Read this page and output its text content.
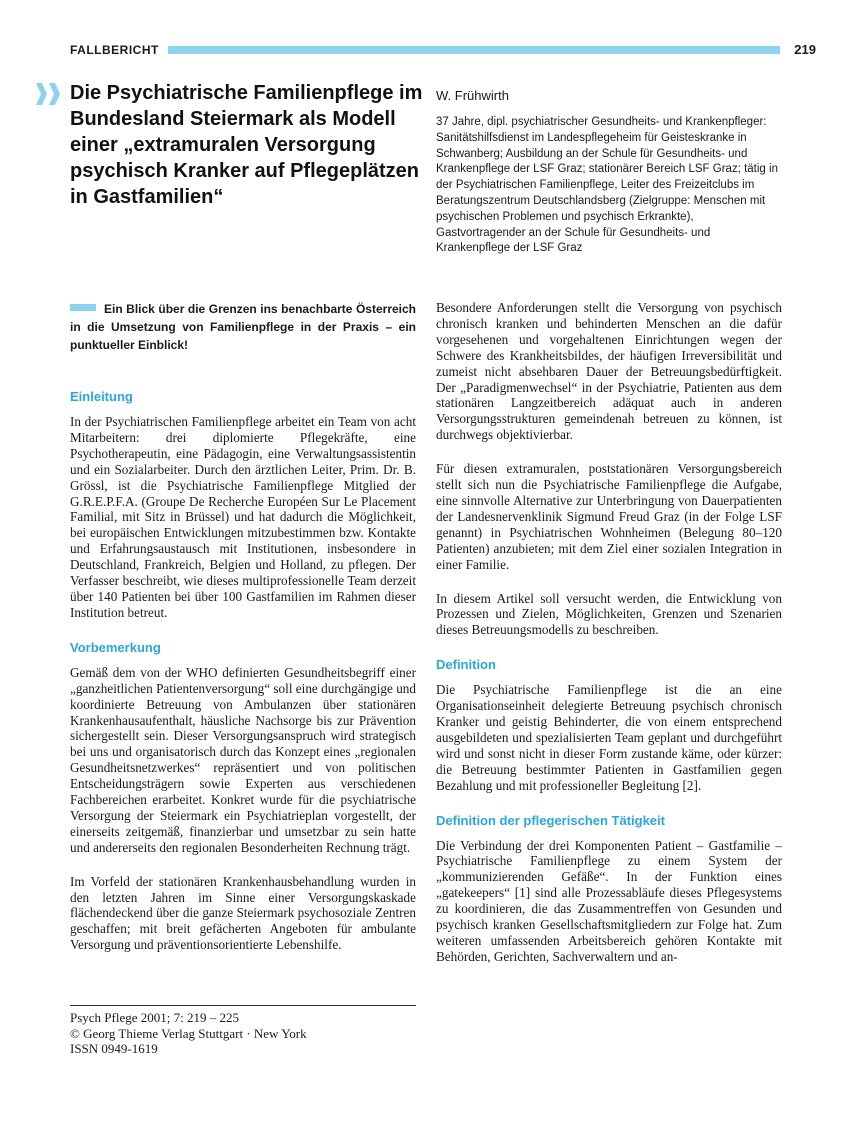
FALLBERICHT	219
Die Psychiatrische Familienpflege im Bundesland Steiermark als Modell einer „extramuralen Versorgung psychisch Kranker auf Pflegeplätzen in Gastfamilien“
W. Frühwirth
37 Jahre, dipl. psychiatrischer Gesundheits- und Krankenpfleger: Sanitätshilfsdienst im Landespflegeheim für Geisteskranke in Schwanberg; Ausbildung an der Schule für Gesundheits- und Krankenpflege der LSF Graz; stationärer Bereich LSF Graz; tätig in der Psychiatrischen Familienpflege, Leiter des Freizeitclubs im Beratungszentrum Deutschlandsberg (Zielgruppe: Menschen mit psychischen Problemen und psychisch Erkrankte), Gastvortragender an der Schule für Gesundheits- und Krankenpflege der LSF Graz

Ein Blick über die Grenzen ins benachbarte Österreich in die Umsetzung von Familienpflege in der Praxis – ein punktueller Einblick!

Einleitung

In der Psychiatrischen Familienpflege arbeitet ein Team von acht Mitarbeitern: drei diplomierte Pflegekräfte, eine Psychotherapeutin, eine Pädagogin, eine Verwaltungsassistentin und ein Sozialarbeiter. Durch den ärztlichen Leiter, Prim. Dr. B. Grössl, ist die Psychiatrische Familienpflege Mitglied der G.R.E.P.F.A. (Groupe De Recherche Européen Sur Le Placement Familial, mit Sitz in Brüssel) und hat dadurch die Möglichkeit, bei europäischen Entwicklungen mitzubestimmen bzw. Kontakte und Erfahrungsaustausch mit Institutionen, insbesondere in Deutschland, Frankreich, Belgien und Holland, zu pflegen. Der Verfasser beschreibt, wie dieses multiprofessionelle Team derzeit über 140 Patienten bei über 100 Gastfamilien im Rahmen dieser Institution betreut.

Vorbemerkung

Gemäß dem von der WHO definierten Gesundheitsbegriff einer „ganzheitlichen Patientenversorgung“ soll eine durchgängige und koordinierte Betreuung von Ambulanzen über stationären Krankenhausaufenthalt, häusliche Nachsorge bis zur Prävention sichergestellt sein. Dieser Versorgungsanspruch wird strategisch bei uns und organisatorisch durch das Konzept eines „regionalen Gesundheitsnetzwerkes“ repräsentiert und von politischen Entscheidungsträgern sowie Experten aus verschiedenen Fachbereichen erarbeitet. Konkret wurde für die psychiatrische Versorgung der Steiermark ein Psychiatrieplan vorgestellt, der einerseits zeitgemäß, finanzierbar und umsetzbar zu sein hatte und andererseits den regionalen Besonderheiten Rechnung trägt.

Im Vorfeld der stationären Krankenhausbehandlung wurden in den letzten Jahren im Sinne einer Versorgungskaskade flächendeckend über die ganze Steiermark psychosoziale Zentren geschaffen; mit breit gefächerten Angeboten für ambulante Versorgung und präventionsorientierte Lebenshilfe.

Besondere Anforderungen stellt die Versorgung von psychisch chronisch kranken und behinderten Menschen an die dafür vorgesehenen und vorgehaltenen Einrichtungen wegen der Schwere des Krankheitsbildes, der häufigen Irreversibilität und zumeist nicht absehbaren Dauer der Betreuungsbedürftigkeit. Der „Paradigmenwechsel“ in der Psychiatrie, Patienten aus dem stationären Langzeitbereich adäquat auch in anderen Versorgungsstrukturen gemeindenah betreuen zu können, ist durchwegs objektivierbar.

Für diesen extramuralen, poststationären Versorgungsbereich stellt sich nun die Psychiatrische Familienpflege die Aufgabe, eine sinnvolle Alternative zur Unterbringung von Dauerpatienten der Landesnervenklinik Sigmund Freud Graz (in der Folge LSF genannt) in Psychiatrischen Wohnheimen (Belegung 80–120 Patienten) anzubieten; mit dem Ziel einer sozialen Integration in einer Familie.

In diesem Artikel soll versucht werden, die Entwicklung von Prozessen und Zielen, Möglichkeiten, Grenzen und Szenarien dieses Betreuungsmodells zu beschreiben.

Definition

Die Psychiatrische Familienpflege ist die an eine Organisationseinheit delegierte Betreuung psychisch chronisch Kranker und geistig Behinderter, die von einem entsprechend ausgebildeten und spezialisierten Team geplant und durchgeführt wird und sonst nicht in dieser Form zustande käme, oder kürzer: die Betreuung bestimmter Patienten in Gastfamilien gegen Bezahlung und mit professioneller Begleitung [2].

Definition der pflegerischen Tätigkeit

Die Verbindung der drei Komponenten Patient – Gastfamilie – Psychiatrische Familienpflege zu einem System der „kommunizierenden Gefäße“. In der Funktion eines „gatekeepers“ [1] sind alle Prozessabläufe dieses Pflegesystems zu koordinieren, die das Zusammentreffen von Gesunden und psychisch kranken Gesellschaftsmitgliedern zur Folge hat. Zum weiteren umfassenden Arbeitsbereich gehören Kontakte mit Behörden, Gerichten, Sachverwaltern und an-

Psych Pflege 2001; 7: 219 – 225
© Georg Thieme Verlag Stuttgart · New York
ISSN 0949-1619
